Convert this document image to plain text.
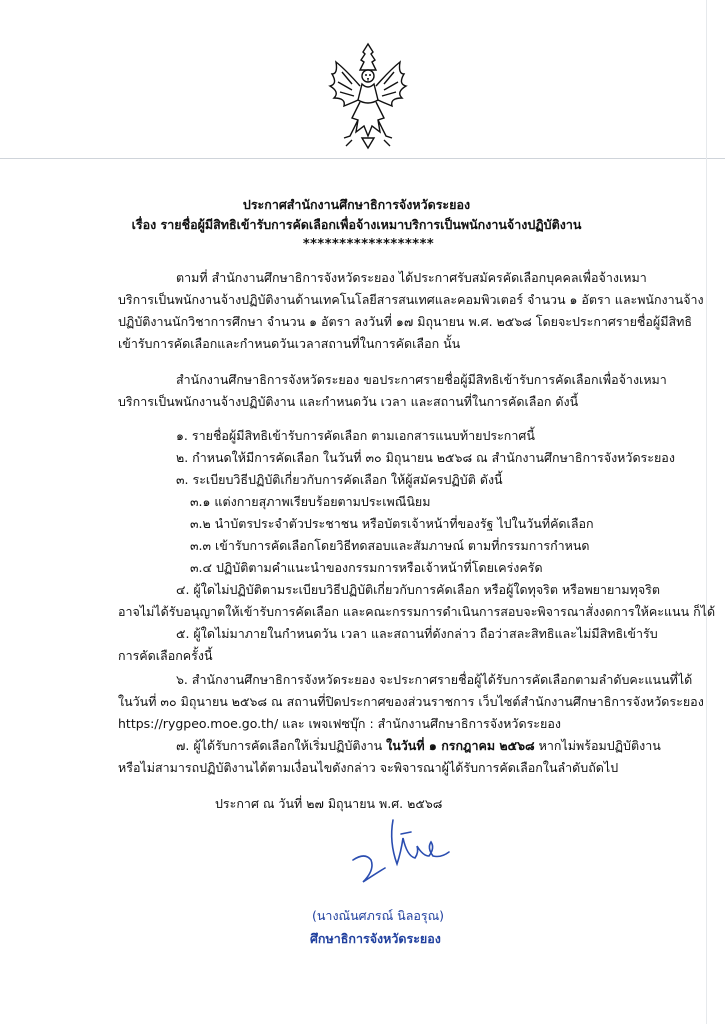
ประกาศสำนักงานศึกษาธิการจังหวัดระยอง
เรื่อง รายชื่อผู้มีสิทธิเข้ารับการคัดเลือกเพื่อจ้างเหมาบริการเป็นพนักงานจ้างปฏิบัติงาน
******************
ตามที่ สำนักงานศึกษาธิการจังหวัดระยอง ได้ประกาศรับสมัครคัดเลือกบุคคลเพื่อจ้างเหมา
บริการเป็นพนักงานจ้างปฏิบัติงานด้านเทคโนโลยีสารสนเทศและคอมพิวเตอร์ จำนวน ๑ อัตรา และพนักงานจ้าง
ปฏิบัติงานนักวิชาการศึกษา จำนวน ๑ อัตรา ลงวันที่ ๑๗ มิถุนายน พ.ศ. ๒๕๖๘ โดยจะประกาศรายชื่อผู้มีสิทธิ
เข้ารับการคัดเลือกและกำหนดวันเวลาสถานที่ในการคัดเลือก นั้น
สำนักงานศึกษาธิการจังหวัดระยอง ขอประกาศรายชื่อผู้มีสิทธิเข้ารับการคัดเลือกเพื่อจ้างเหมา
บริการเป็นพนักงานจ้างปฏิบัติงาน และกำหนดวัน เวลา และสถานที่ในการคัดเลือก ดังนี้
๑. รายชื่อผู้มีสิทธิเข้ารับการคัดเลือก ตามเอกสารแนบท้ายประกาศนี้
๒. กำหนดให้มีการคัดเลือก ในวันที่ ๓๐ มิถุนายน ๒๕๖๘ ณ สำนักงานศึกษาธิการจังหวัดระยอง
๓. ระเบียบวิธีปฏิบัติเกี่ยวกับการคัดเลือก ให้ผู้สมัครปฏิบัติ ดังนี้
๓.๑ แต่งกายสุภาพเรียบร้อยตามประเพณีนิยม
๓.๒ นำบัตรประจำตัวประชาชน หรือบัตรเจ้าหน้าที่ของรัฐ ไปในวันที่คัดเลือก
๓.๓ เข้ารับการคัดเลือกโดยวิธีทดสอบและสัมภาษณ์ ตามที่กรรมการกำหนด
๓.๔ ปฏิบัติตามคำแนะนำของกรรมการหรือเจ้าหน้าที่โดยเคร่งครัด
๔. ผู้ใดไม่ปฏิบัติตามระเบียบวิธีปฏิบัติเกี่ยวกับการคัดเลือก หรือผู้ใดทุจริต หรือพยายามทุจริต
อาจไม่ได้รับอนุญาตให้เข้ารับการคัดเลือก และคณะกรรมการดำเนินการสอบจะพิจารณาสั่งงดการให้คะแนน ก็ได้
๕. ผู้ใดไม่มาภายในกำหนดวัน เวลา และสถานที่ดังกล่าว ถือว่าสละสิทธิและไม่มีสิทธิเข้ารับ
การคัดเลือกครั้งนี้
๖. สำนักงานศึกษาธิการจังหวัดระยอง จะประกาศรายชื่อผู้ได้รับการคัดเลือกตามลำดับคะแนนที่ได้
ในวันที่ ๓๐ มิถุนายน ๒๕๖๘ ณ สถานที่ปิดประกาศของส่วนราชการ เว็บไซต์สำนักงานศึกษาธิการจังหวัดระยอง
https://rygpeo.moe.go.th/ และ เพจเฟซบุ๊ก : สำนักงานศึกษาธิการจังหวัดระยอง
๗. ผู้ได้รับการคัดเลือกให้เริ่มปฏิบัติงาน ในวันที่ ๑ กรกฎาคม ๒๕๖๘ หากไม่พร้อมปฏิบัติงาน
หรือไม่สามารถปฏิบัติงานได้ตามเงื่อนไขดังกล่าว จะพิจารณาผู้ได้รับการคัดเลือกในลำดับถัดไป
ประกาศ ณ วันที่ ๒๗ มิถุนายน พ.ศ. ๒๕๖๘
(นางณันศภรณ์ นิลอรุณ)
ศึกษาธิการจังหวัดระยอง
